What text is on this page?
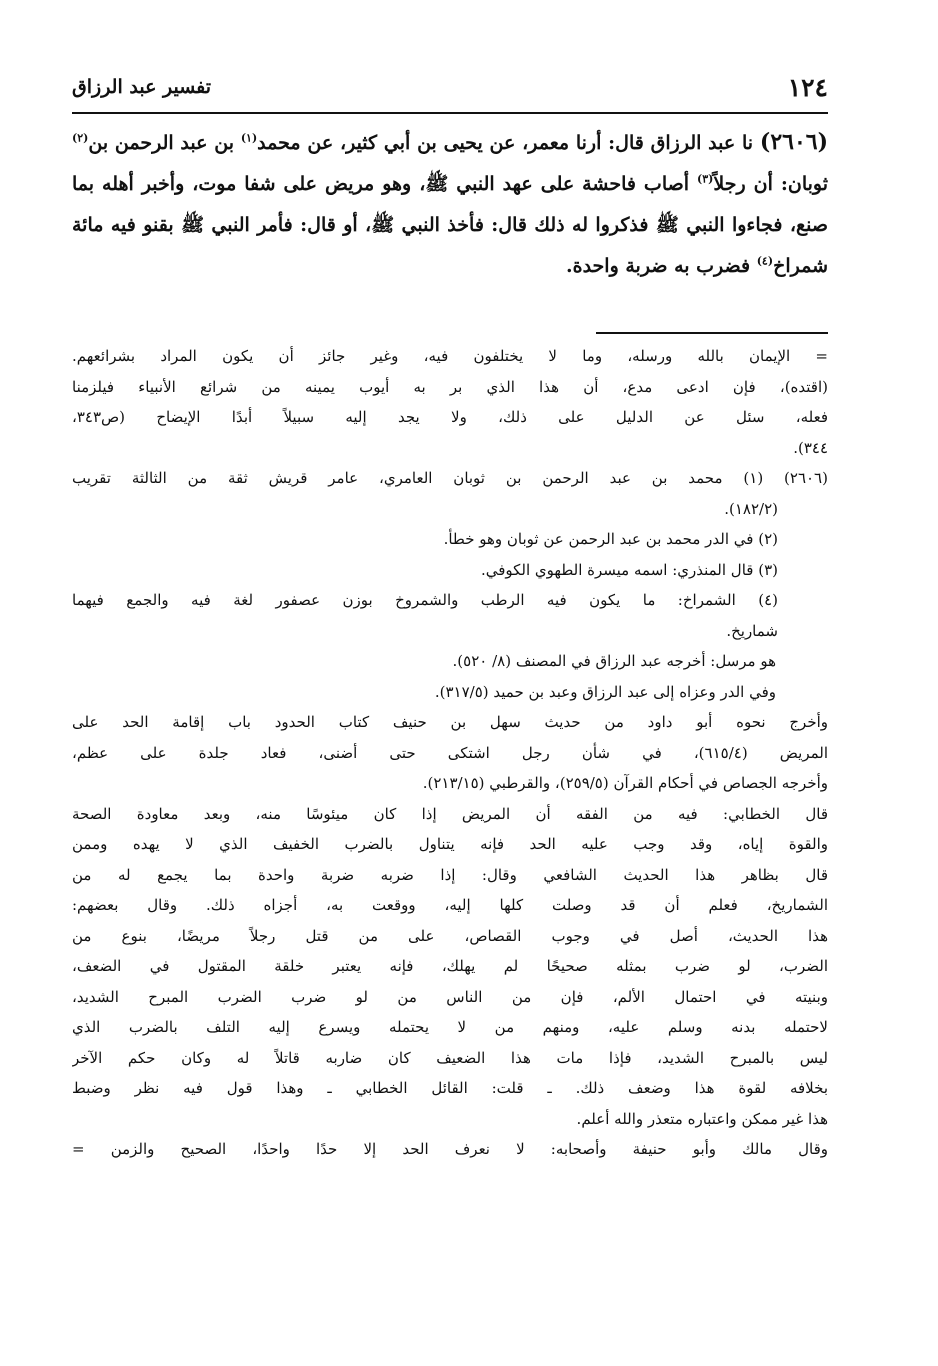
١٢٤
تفسير عبد الرزاق

(٢٦٠٦) نا عبد الرزاق قال: أرنا معمر، عن يحيى بن أبي كثير، عن محمد$^{(١)}$ بن عبد الرحمن بن$^{(٢)}$ ثوبان: أن رجلاً$^{(٣)}$ أصاب فاحشة على عهد النبي ﷺ، وهو مريض على شفا موت، وأخبر أهله بما صنع، فجاءوا النبي ﷺ فذكروا له ذلك قال: فأخذ النبي ﷺ، أو قال: فأمر النبي ﷺ بقنو فيه مائة شمراخ$^{(٤)}$ فضرب به ضربة واحدة.

= الإيمان بالله ورسله، وما لا يختلفون فيه، وغير جائز أن يكون المراد بشرائعهم.

(اقتده)، فإن ادعى مدع، أن هذا الذي بر به أيوب يمينه من شرائع الأنبياء فيلزمنا

فعله، سئل عن الدليل على ذلك، ولا يجد إليه سبيلاً أبدًا الإيضاح (ص٣٤٣،

٣٤٤).

(٢٦٠٦) (١) محمد بن عبد الرحمن بن ثوبان العامري، عامر قريش ثقة من الثالثة تقريب

(١٨٢/٢).

(٢) في الدر محمد بن عبد الرحمن عن ثوبان وهو خطأ.

(٣) قال المنذري: اسمه ميسرة الطهوي الكوفي.

(٤) الشمراخ: ما يكون فيه الرطب والشمروخ بوزن عصفور لغة فيه والجمع فيهما

شماريخ.

هو مرسل: أخرجه عبد الرزاق في المصنف (٨/ ٥٢٠).

وفي الدر وعزاه إلى عبد الرزاق وعبد بن حميد (٣١٧/٥).

وأخرج نحوه أبو داود من حديث سهل بن حنيف كتاب الحدود باب إقامة الحد على

المريض (٦١٥/٤)، في شأن رجل اشتكى حتى أضنى، فعاد جلدة على عظم،

وأخرجه الجصاص في أحكام القرآن (٢٥٩/٥)، والقرطبي (٢١٣/١٥).

قال الخطابي: فيه من الفقه أن المريض إذا كان ميئوسًا منه، وبعد معاودة الصحة

والقوة إياه، وقد وجب عليه الحد فإنه يتناول بالضرب الخفيف الذي لا يهده وممن

قال بظاهر هذا الحديث الشافعي وقال: إذا ضربه ضربة واحدة بما يجمع له من

الشماريخ، فعلم أن قد وصلت كلها إليه، ووقعت به، أجزاه ذلك. وقال بعضهم:

هذا الحديث، أصل في وجوب القصاص، على من قتل رجلاً مريضًا، بنوع من

الضرب، لو ضرب بمثله صحيحًا لم يهلك، فإنه يعتبر خلقة المقتول في الضعف،

وبنيته في احتمال الألم، فإن من الناس من لو ضرب الضرب المبرح الشديد،

لاحتمله بدنه وسلم عليه، ومنهم من لا يحتمله ويسرع إليه التلف بالضرب الذي

ليس بالمبرح الشديد، فإذا مات هذا الضعيف كان ضاربه قاتلاً له وكان حكم الآخر

بخلافه لقوة هذا وضعف ذلك. ـ قلت: القائل الخطابي ـ وهذا قول فيه نظر وضبط

هذا غير ممكن واعتباره متعذر والله أعلم.

وقال مالك وأبو حنيفة وأصحابه: لا نعرف الحد إلا حدًا واحدًا، الصحيح والزمن =
